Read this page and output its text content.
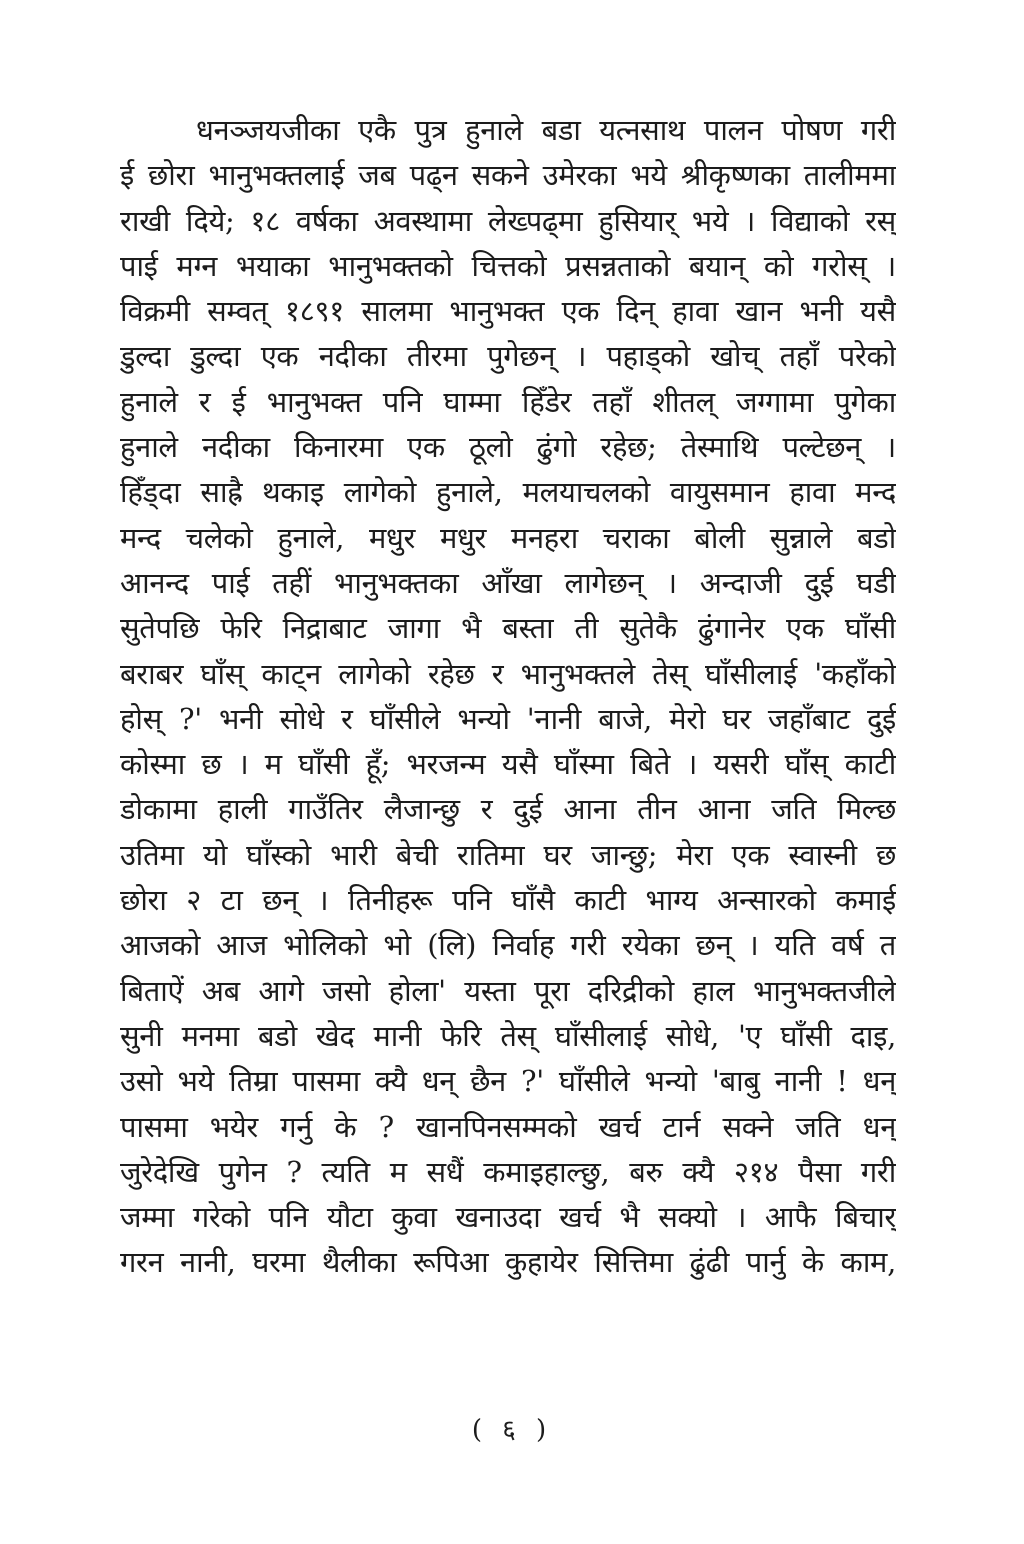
धनञ्जयजीका एकै पुत्र हुनाले बडा यत्नसाथ पालन पोषण गरी
ई छोरा भानुभक्तलाई जब पढ्न सकने उमेरका भये श्रीकृष्णका तालीममा
राखी दिये; १८ वर्षका अवस्थामा लेख्पढ्मा हुसियार् भये । विद्याको रस्
पाई मग्न भयाका भानुभक्तको चित्तको प्रसन्नताको बयान् को गरोस् ।
विक्रमी सम्वत् १८९१ सालमा भानुभक्त एक दिन् हावा खान भनी यसै
डुल्दा डुल्दा एक नदीका तीरमा पुगेछन् । पहाड्को खोच् तहाँ परेको
हुनाले र ई भानुभक्त पनि घाम्मा हिँडेर तहाँ शीतल् जग्गामा पुगेका
हुनाले नदीका किनारमा एक ठूलो ढुंगो रहेछ; तेस्माथि पल्टेछन् ।
हिँड्दा साह्रै थकाइ लागेको हुनाले, मलयाचलको वायुसमान हावा मन्द
मन्द चलेको हुनाले, मधुर मधुर मनहरा चराका बोली सुन्नाले बडो
आनन्द पाई तहीं भानुभक्तका आँखा लागेछन् । अन्दाजी दुई घडी
सुतेपछि फेरि निद्राबाट जागा भै बस्ता ती सुतेकै ढुंगानेर एक घाँसी
बराबर घाँस् काट्न लागेको रहेछ र भानुभक्तले तेस् घाँसीलाई 'कहाँको
होस् ?' भनी सोधे र घाँसीले भन्यो 'नानी बाजे, मेरो घर जहाँबाट दुई
कोस्मा छ । म घाँसी हूँ; भरजन्म यसै घाँस्मा बिते । यसरी घाँस् काटी
डोकामा हाली गाउँतिर लैजान्छु र दुई आना तीन आना जति मिल्छ
उतिमा यो घाँस्को भारी बेची रातिमा घर जान्छु; मेरा एक स्वास्नी छ
छोरा २ टा छन् । तिनीहरू पनि घाँसै काटी भाग्य अन्सारको कमाई
आजको आज भोलिको भो (लि) निर्वाह गरी रयेका छन् । यति वर्ष त
बिताऐं अब आगे जसो होला' यस्ता पूरा दरिद्रीको हाल भानुभक्तजीले
सुनी मनमा बडो खेद मानी फेरि तेस् घाँसीलाई सोधे, 'ए घाँसी दाइ,
उसो भये तिम्रा पासमा क्यै धन् छैन ?' घाँसीले भन्यो 'बाबु नानी ! धन्
पासमा भयेर गर्नु के ? खानपिनसम्मको खर्च टार्न सक्ने जति धन्
जुरेदेखि पुगेन ? त्यति म सधैं कमाइहाल्छु, बरु क्यै २१४ पैसा गरी
जम्मा गरेको पनि यौटा कुवा खनाउदा खर्च भै सक्यो । आफै बिचार्
गरन नानी, घरमा थैलीका रूपिआ कुहायेर सित्तिमा ढुंढी पार्नु के काम,
( ६ )
